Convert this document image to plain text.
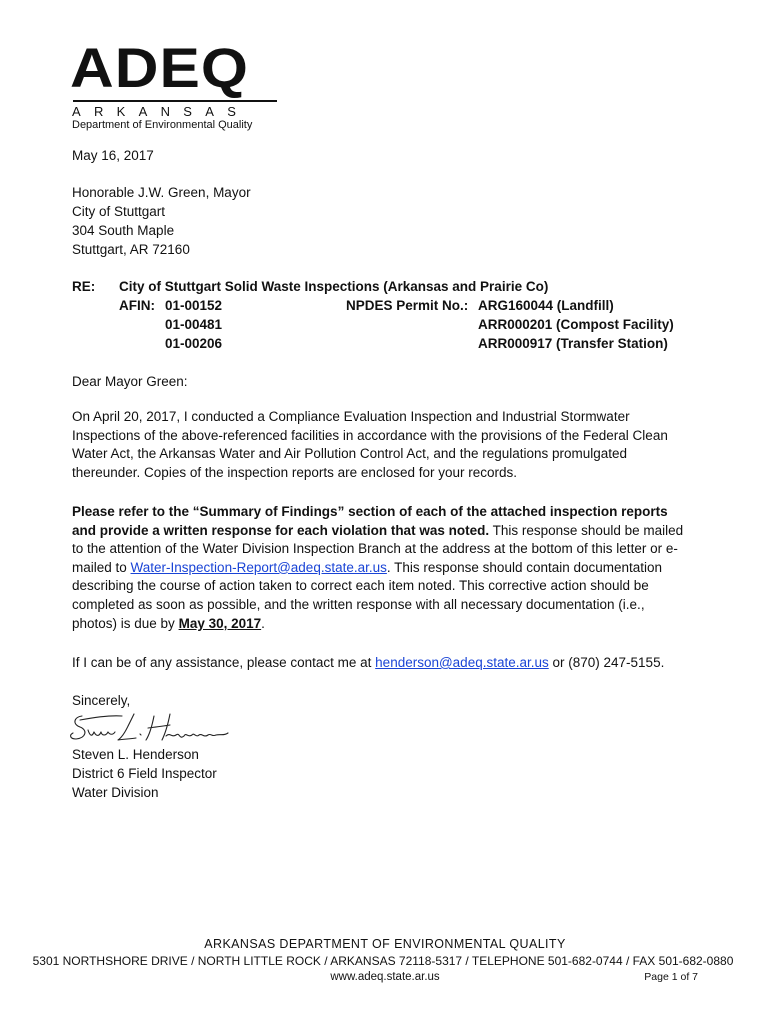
ADEQ
ARKANSAS
Department of Environmental Quality
May 16, 2017
Honorable J.W. Green, Mayor
City of Stuttgart
304 South Maple
Stuttgart, AR 72160
RE: City of Stuttgart Solid Waste Inspections (Arkansas and Prairie Co)
AFIN: 01-00152	NPDES Permit No.: ARG160044 (Landfill)
01-00481	ARR000201 (Compost Facility)
01-00206	ARR000917 (Transfer Station)
Dear Mayor Green:
On April 20, 2017, I conducted a Compliance Evaluation Inspection and Industrial Stormwater Inspections of the above-referenced facilities in accordance with the provisions of the Federal Clean Water Act, the Arkansas Water and Air Pollution Control Act, and the regulations promulgated thereunder. Copies of the inspection reports are enclosed for your records.
Please refer to the “Summary of Findings” section of each of the attached inspection reports and provide a written response for each violation that was noted. This response should be mailed to the attention of the Water Division Inspection Branch at the address at the bottom of this letter or e-mailed to Water-Inspection-Report@adeq.state.ar.us. This response should contain documentation describing the course of action taken to correct each item noted. This corrective action should be completed as soon as possible, and the written response with all necessary documentation (i.e., photos) is due by May 30, 2017.
If I can be of any assistance, please contact me at henderson@adeq.state.ar.us or (870) 247-5155.
Sincerely,
Steven L. Henderson
Steven L. Henderson
District 6 Field Inspector
Water Division
ARKANSAS DEPARTMENT OF ENVIRONMENTAL QUALITY
5301 NORTHSHORE DRIVE / NORTH LITTLE ROCK / ARKANSAS 72118-5317 / TELEPHONE 501-682-0744 / FAX 501-682-0880
www.adeq.state.ar.us	Page 1 of 7
